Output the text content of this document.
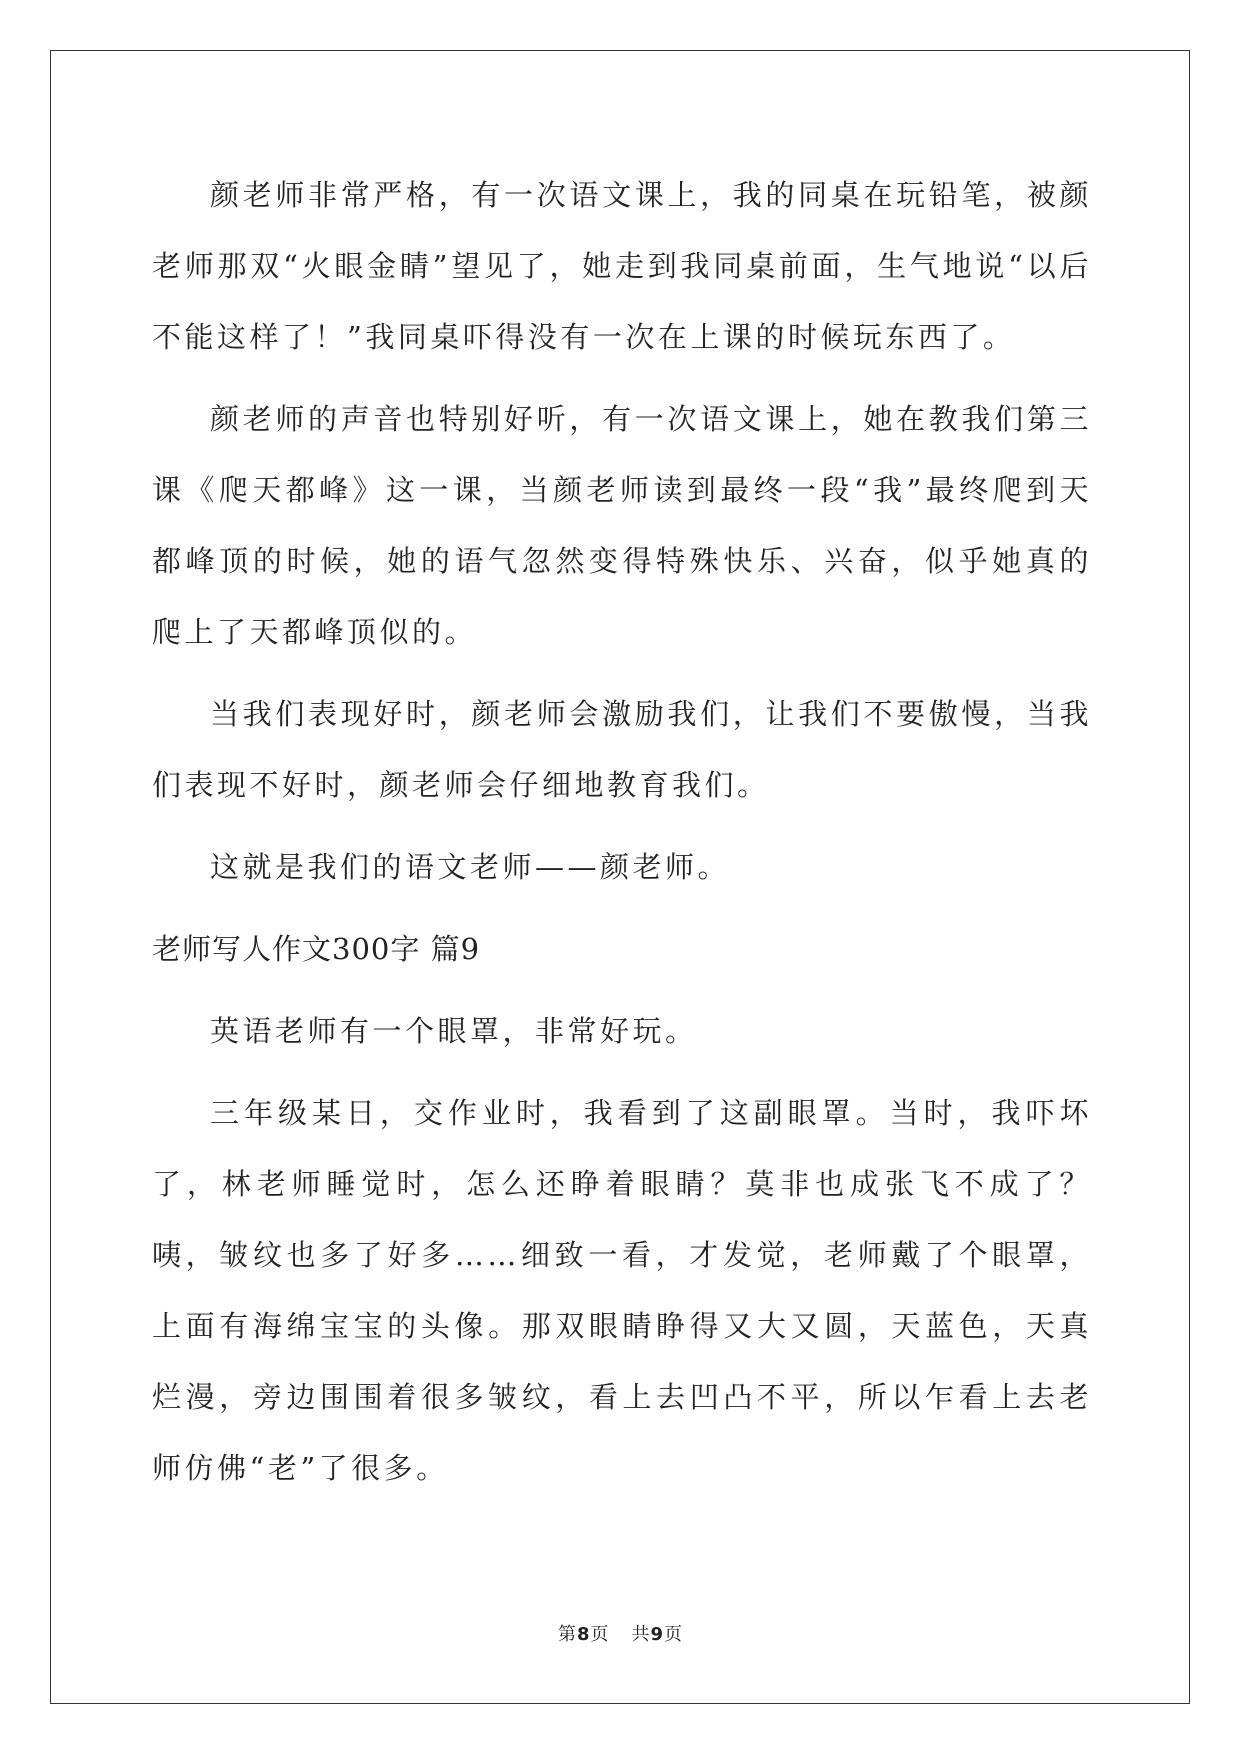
颜老师非常严格，有一次语文课上，我的同桌在玩铅笔，被颜老师那双“火眼金睛”望见了，她走到我同桌前面，生气地说“以后不能这样了！”我同桌吓得没有一次在上课的时候玩东西了。

颜老师的声音也特别好听，有一次语文课上，她在教我们第三课《爬天都峰》这一课，当颜老师读到最终一段“我”最终爬到天都峰顶的时候，她的语气忽然变得特殊快乐、兴奋，似乎她真的爬上了天都峰顶似的。

当我们表现好时，颜老师会激励我们，让我们不要傲慢，当我们表现不好时，颜老师会仔细地教育我们。

这就是我们的语文老师——颜老师。

老师写人作文300字 篇9

英语老师有一个眼罩，非常好玩。

三年级某日，交作业时，我看到了这副眼罩。当时，我吓坏了，林老师睡觉时，怎么还睁着眼睛？莫非也成张飞不成了？咦，皱纹也多了好多……细致一看，才发觉，老师戴了个眼罩，上面有海绵宝宝的头像。那双眼睛睁得又大又圆，天蓝色，天真烂漫，旁边围围着很多皱纹，看上去凹凸不平，所以乍看上去老师仿佛“老”了很多。

第8页 共9页
